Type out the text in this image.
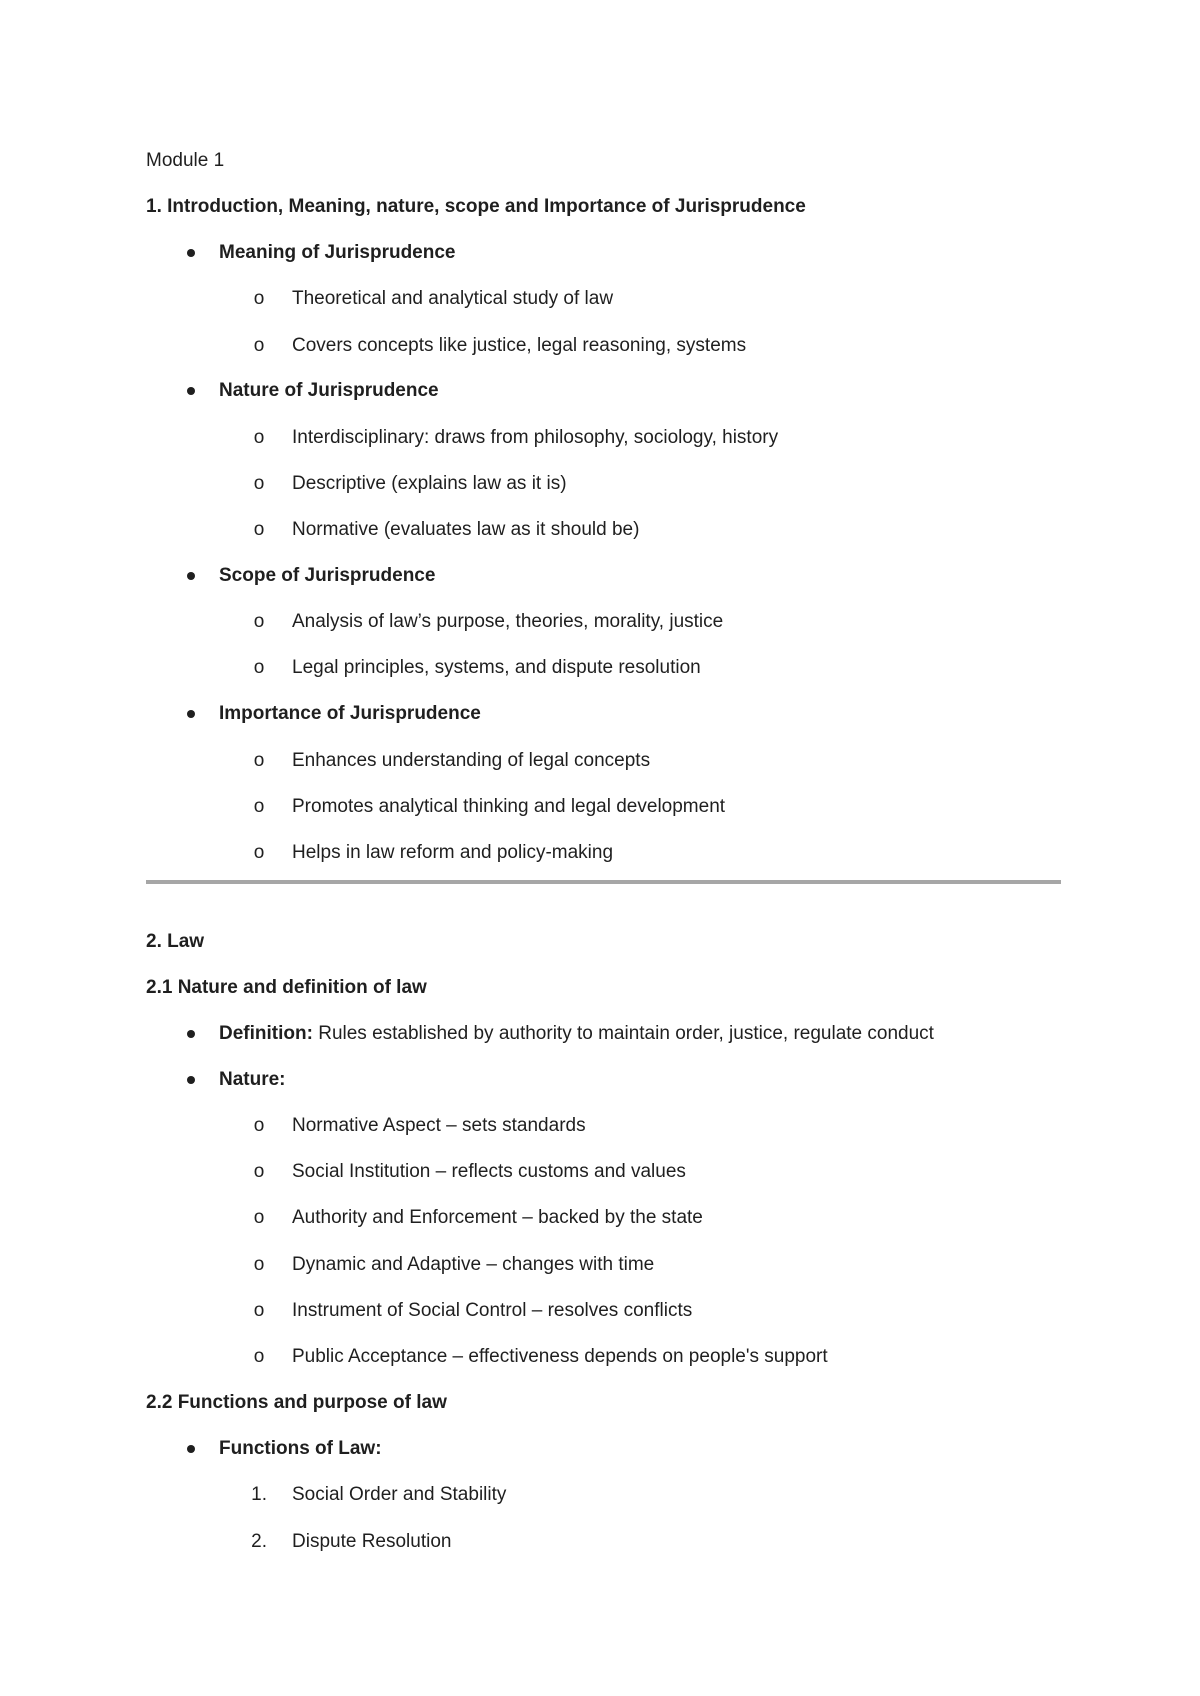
Module 1
1. Introduction, Meaning, nature, scope and Importance of Jurisprudence
Meaning of Jurisprudence
o Theoretical and analytical study of law
o Covers concepts like justice, legal reasoning, systems
Nature of Jurisprudence
o Interdisciplinary: draws from philosophy, sociology, history
o Descriptive (explains law as it is)
o Normative (evaluates law as it should be)
Scope of Jurisprudence
o Analysis of law’s purpose, theories, morality, justice
o Legal principles, systems, and dispute resolution
Importance of Jurisprudence
o Enhances understanding of legal concepts
o Promotes analytical thinking and legal development
o Helps in law reform and policy-making
2. Law
2.1 Nature and definition of law
Definition: Rules established by authority to maintain order, justice, regulate conduct
Nature:
o Normative Aspect – sets standards
o Social Institution – reflects customs and values
o Authority and Enforcement – backed by the state
o Dynamic and Adaptive – changes with time
o Instrument of Social Control – resolves conflicts
o Public Acceptance – effectiveness depends on people's support
2.2 Functions and purpose of law
Functions of Law:
1. Social Order and Stability
2. Dispute Resolution
